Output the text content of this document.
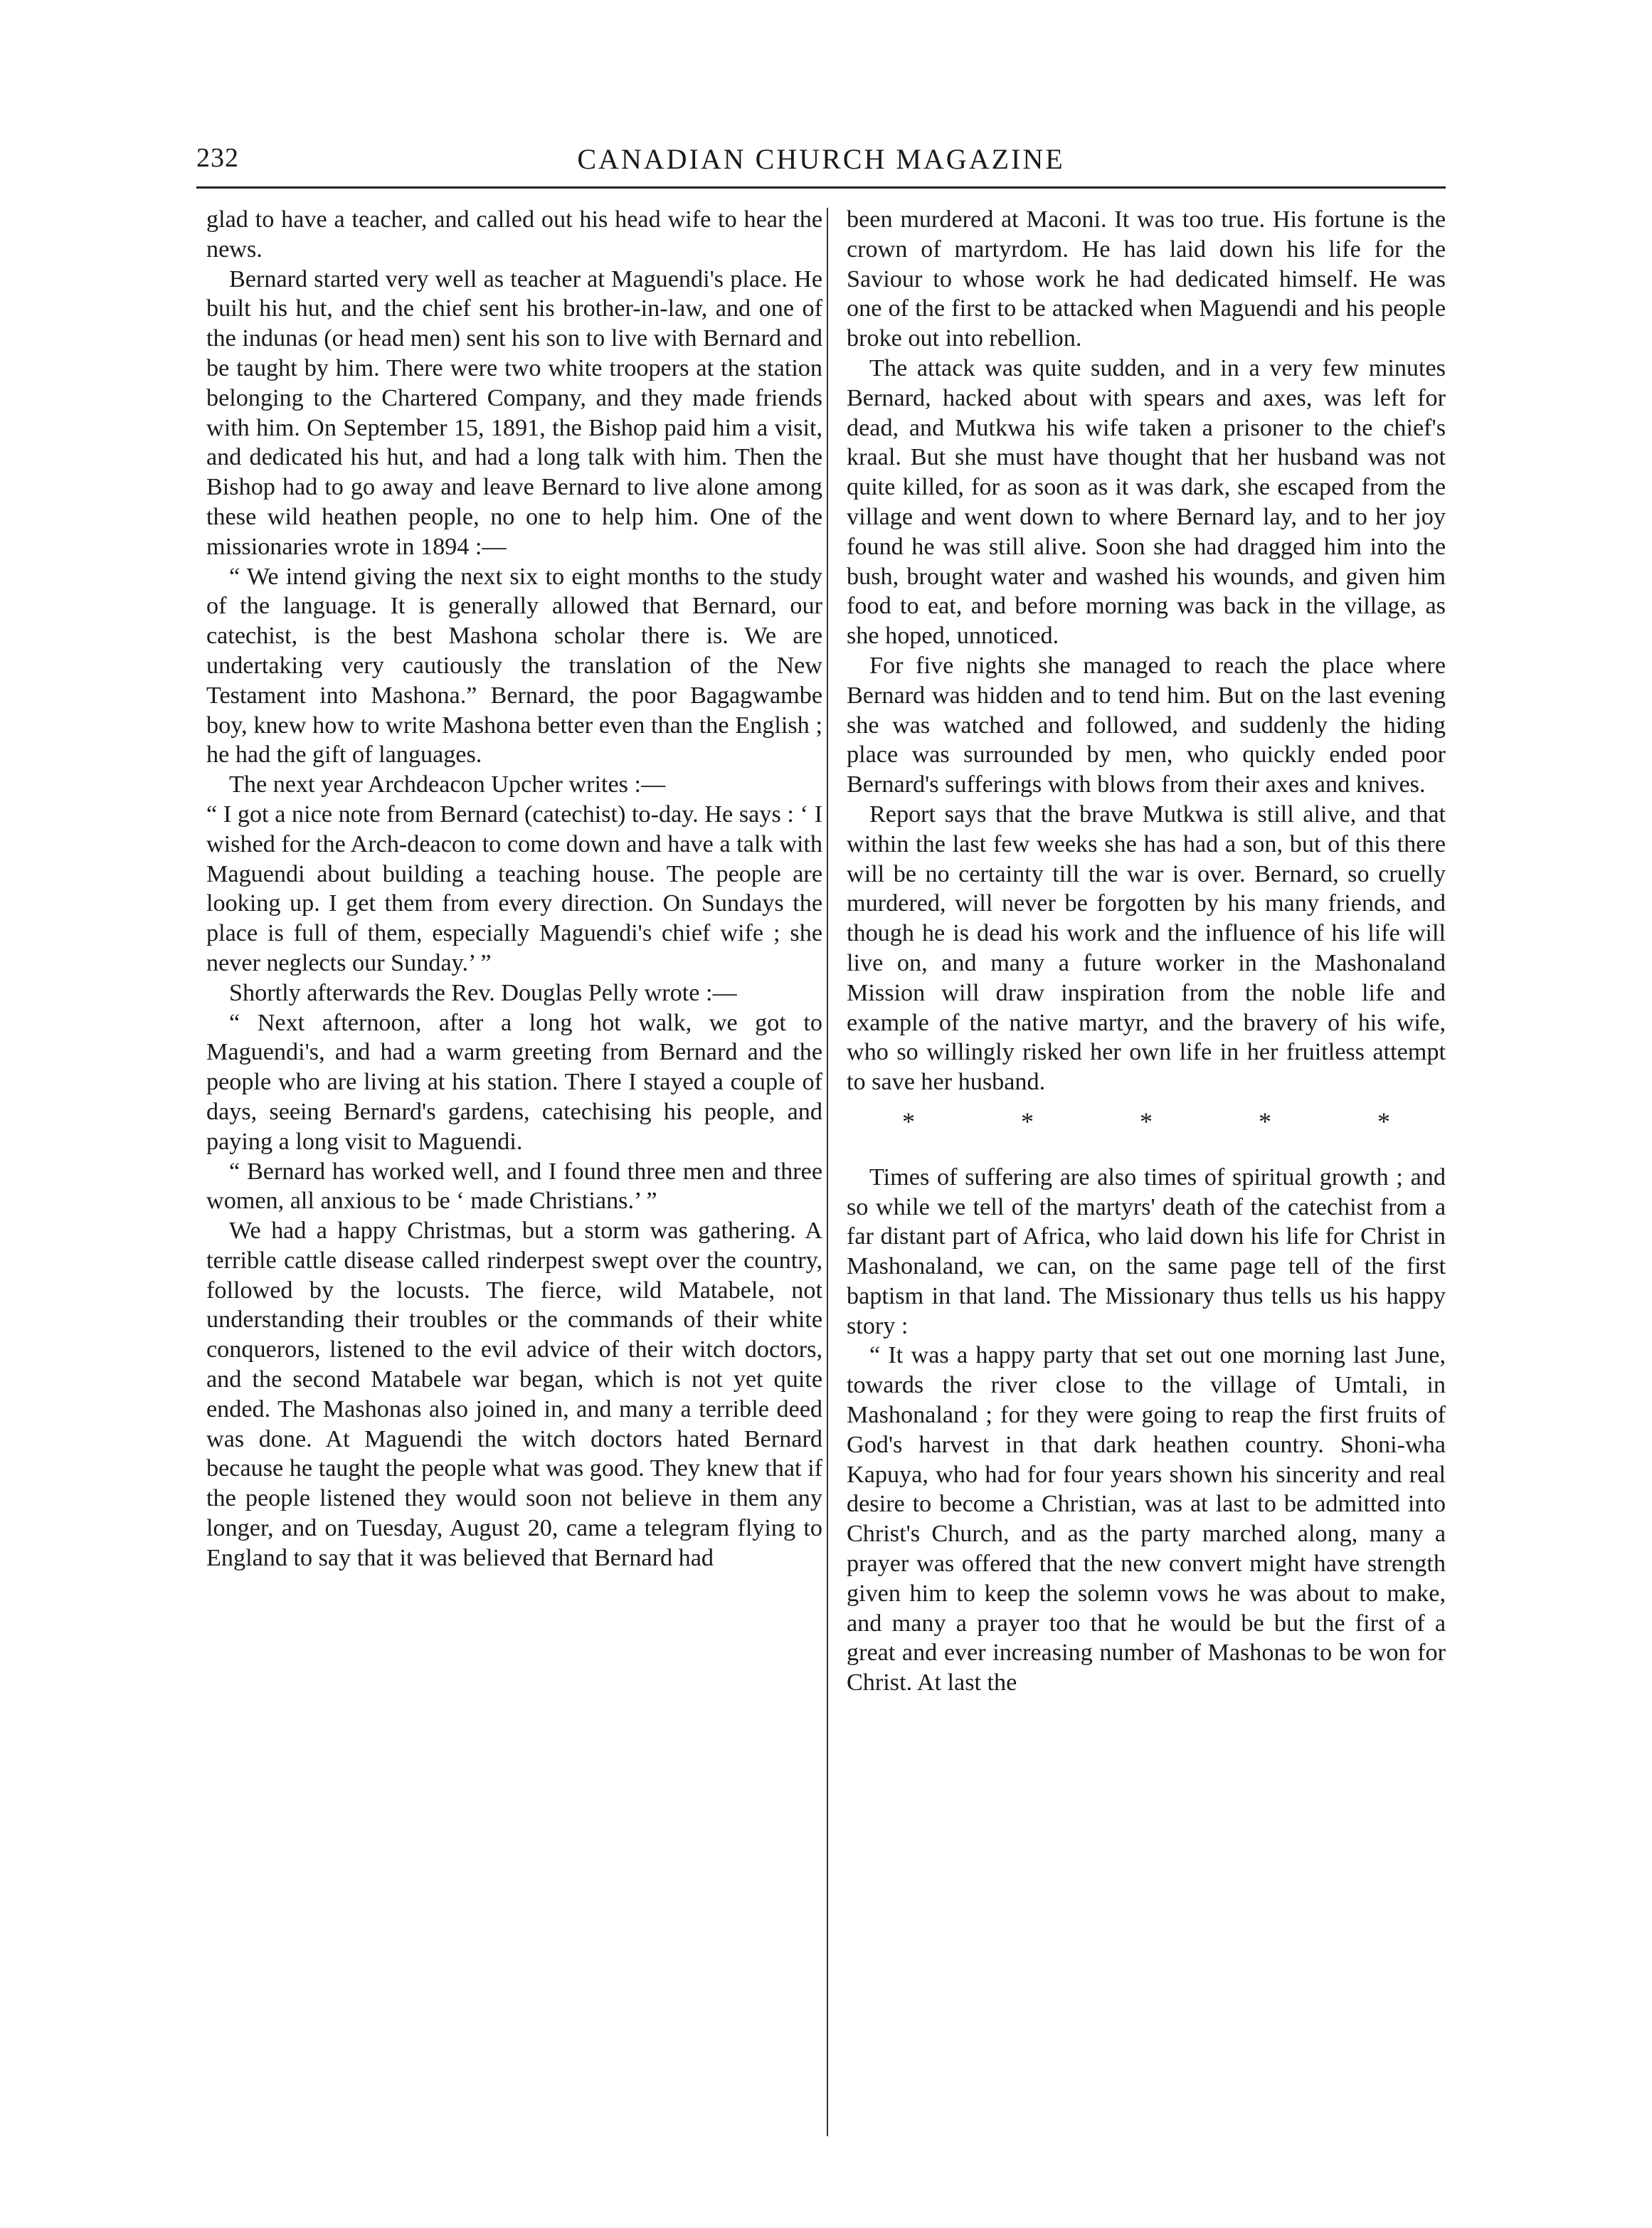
232	CANADIAN CHURCH MAGAZINE

glad to have a teacher, and called out his head wife to hear the news.

Bernard started very well as teacher at Maguendi's place. He built his hut, and the chief sent his brother-in-law, and one of the indunas (or head men) sent his son to live with Bernard and be taught by him. There were two white troopers at the station belonging to the Chartered Company, and they made friends with him. On September 15, 1891, the Bishop paid him a visit, and dedicated his hut, and had a long talk with him. Then the Bishop had to go away and leave Bernard to live alone among these wild heathen people, no one to help him. One of the missionaries wrote in 1894 :—

“ We intend giving the next six to eight months to the study of the language. It is generally allowed that Bernard, our catechist, is the best Mashona scholar there is. We are undertaking very cautiously the translation of the New Testament into Mashona.” Bernard, the poor Bagagwambe boy, knew how to write Mashona better even than the English ; he had the gift of languages.

The next year Archdeacon Upcher writes :—

“ I got a nice note from Bernard (catechist) to-day. He says : ‘ I wished for the Arch-deacon to come down and have a talk with Maguendi about building a teaching house. The people are looking up. I get them from every direction. On Sundays the place is full of them, especially Maguendi's chief wife ; she never neglects our Sunday.’ ”

Shortly afterwards the Rev. Douglas Pelly wrote :—

“ Next afternoon, after a long hot walk, we got to Maguendi's, and had a warm greeting from Bernard and the people who are living at his station. There I stayed a couple of days, seeing Bernard's gardens, catechising his people, and paying a long visit to Maguendi.

“ Bernard has worked well, and I found three men and three women, all anxious to be ‘ made Christians.’ ”

We had a happy Christmas, but a storm was gathering. A terrible cattle disease called rinderpest swept over the country, followed by the locusts. The fierce, wild Matabele, not understanding their troubles or the commands of their white conquerors, listened to the evil advice of their witch doctors, and the second Matabele war began, which is not yet quite ended. The Mashonas also joined in, and many a terrible deed was done. At Maguendi the witch doctors hated Bernard because he taught the people what was good. They knew that if the people listened they would soon not believe in them any longer, and on Tuesday, August 20, came a telegram flying to England to say that it was believed that Bernard had

been murdered at Maconi. It was too true. His fortune is the crown of martyrdom. He has laid down his life for the Saviour to whose work he had dedicated himself. He was one of the first to be attacked when Maguendi and his people broke out into rebellion.

The attack was quite sudden, and in a very few minutes Bernard, hacked about with spears and axes, was left for dead, and Mutkwa his wife taken a prisoner to the chief's kraal. But she must have thought that her husband was not quite killed, for as soon as it was dark, she escaped from the village and went down to where Bernard lay, and to her joy found he was still alive. Soon she had dragged him into the bush, brought water and washed his wounds, and given him food to eat, and before morning was back in the village, as she hoped, unnoticed.

For five nights she managed to reach the place where Bernard was hidden and to tend him. But on the last evening she was watched and followed, and suddenly the hiding place was surrounded by men, who quickly ended poor Bernard's sufferings with blows from their axes and knives.

Report says that the brave Mutkwa is still alive, and that within the last few weeks she has had a son, but of this there will be no certainty till the war is over. Bernard, so cruelly murdered, will never be forgotten by his many friends, and though he is dead his work and the influence of his life will live on, and many a future worker in the Mashonaland Mission will draw inspiration from the noble life and example of the native martyr, and the bravery of his wife, who so willingly risked her own life in her fruitless attempt to save her husband.

* * * * *

Times of suffering are also times of spiritual growth ; and so while we tell of the martyrs' death of the catechist from a far distant part of Africa, who laid down his life for Christ in Mashonaland, we can, on the same page tell of the first baptism in that land. The Missionary thus tells us his happy story :

“ It was a happy party that set out one morning last June, towards the river close to the village of Umtali, in Mashonaland ; for they were going to reap the first fruits of God's harvest in that dark heathen country. Shoni-wha Kapuya, who had for four years shown his sincerity and real desire to become a Christian, was at last to be admitted into Christ's Church, and as the party marched along, many a prayer was offered that the new convert might have strength given him to keep the solemn vows he was about to make, and many a prayer too that he would be but the first of a great and ever increasing number of Mashonas to be won for Christ. At last the
